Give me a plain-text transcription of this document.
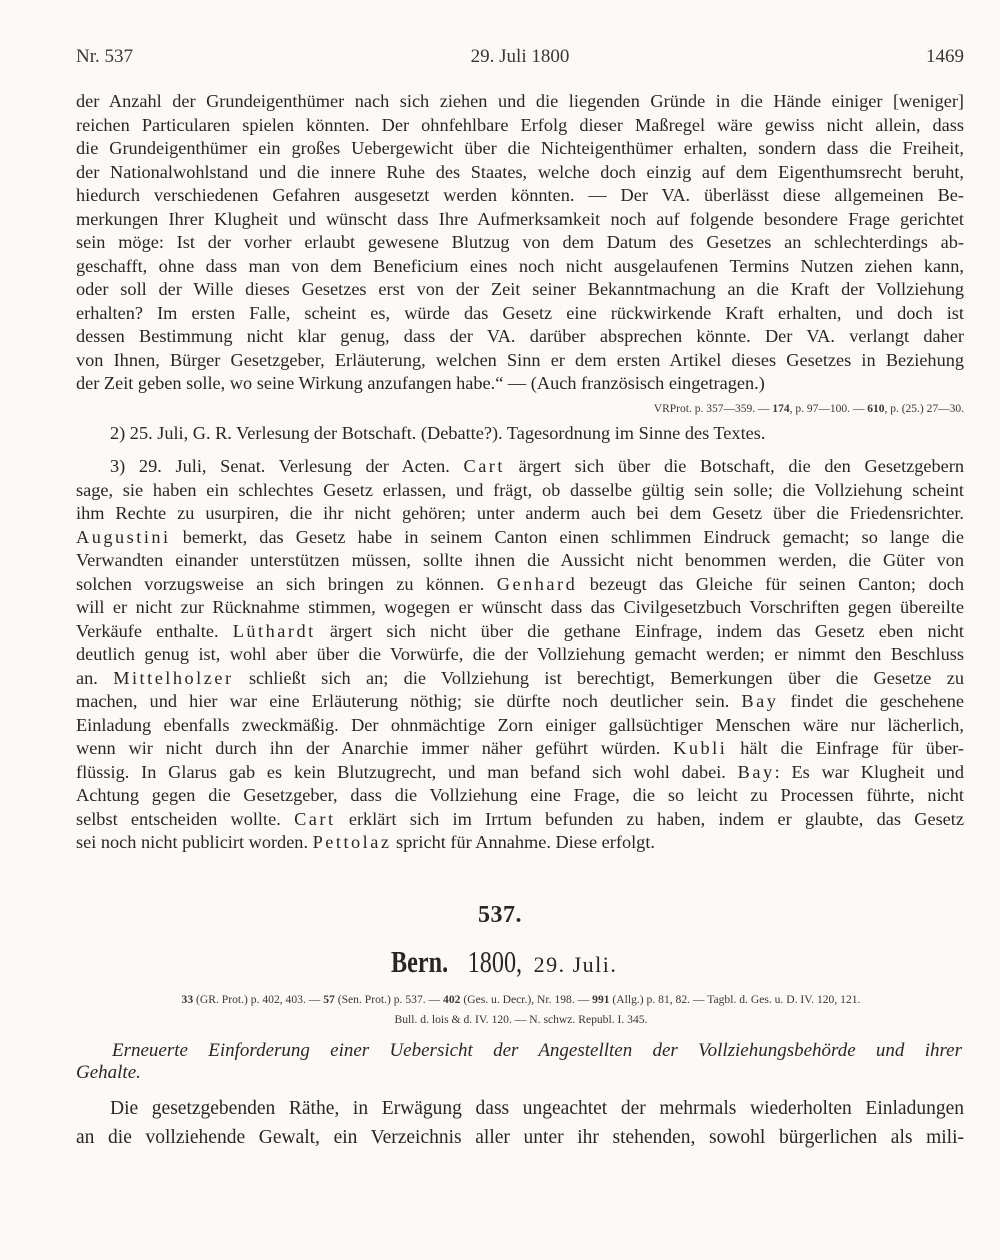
Nr. 537	29. Juli 1800	1469
der Anzahl der Grundeigenthümer nach sich ziehen und die liegenden Gründe in die Hände einiger [weniger]
reichen Particularen spielen könnten. Der ohnfehlbare Erfolg dieser Maßregel wäre gewiss nicht allein, dass
die Grundeigenthümer ein großes Uebergewicht über die Nichteigenthümer erhalten, sondern dass die Freiheit,
der Nationalwohlstand und die innere Ruhe des Staates, welche doch einzig auf dem Eigenthumsrecht beruht,
hiedurch verschiedenen Gefahren ausgesetzt werden könnten. — Der VA. überlässt diese allgemeinen Be-
merkungen Ihrer Klugheit und wünscht dass Ihre Aufmerksamkeit noch auf folgende besondere Frage gerichtet
sein möge: Ist der vorher erlaubt gewesene Blutzug von dem Datum des Gesetzes an schlechterdings ab-
geschafft, ohne dass man von dem Beneficium eines noch nicht ausgelaufenen Termins Nutzen ziehen kann,
oder soll der Wille dieses Gesetzes erst von der Zeit seiner Bekanntmachung an die Kraft der Vollziehung
erhalten? Im ersten Falle, scheint es, würde das Gesetz eine rückwirkende Kraft erhalten, und doch ist
dessen Bestimmung nicht klar genug, dass der VA. darüber absprechen könnte. Der VA. verlangt daher
von Ihnen, Bürger Gesetzgeber, Erläuterung, welchen Sinn er dem ersten Artikel dieses Gesetzes in Beziehung
der Zeit geben solle, wo seine Wirkung anzufangen habe.“ — (Auch französisch eingetragen.)
VRProt. p. 357—359. — 174, p. 97—100. — 610, p. (25.) 27—30.
2) 25. Juli, G. R. Verlesung der Botschaft. (Debatte?). Tagesordnung im Sinne des Textes.
3) 29. Juli, Senat. Verlesung der Acten. Cart ärgert sich über die Botschaft, die den Gesetzgebern
sage, sie haben ein schlechtes Gesetz erlassen, und frägt, ob dasselbe gültig sein solle; die Vollziehung scheint
ihm Rechte zu usurpiren, die ihr nicht gehören; unter anderm auch bei dem Gesetz über die Friedensrichter.
Augustini bemerkt, das Gesetz habe in seinem Canton einen schlimmen Eindruck gemacht; so lange die
Verwandten einander unterstützen müssen, sollte ihnen die Aussicht nicht benommen werden, die Güter von
solchen vorzugsweise an sich bringen zu können. Genhard bezeugt das Gleiche für seinen Canton; doch
will er nicht zur Rücknahme stimmen, wogegen er wünscht dass das Civilgesetzbuch Vorschriften gegen übereilte
Verkäufe enthalte. Lüthardt ärgert sich nicht über die gethane Einfrage, indem das Gesetz eben nicht
deutlich genug ist, wohl aber über die Vorwürfe, die der Vollziehung gemacht werden; er nimmt den Beschluss
an. Mittelholzer schließt sich an; die Vollziehung ist berechtigt, Bemerkungen über die Gesetze zu
machen, und hier war eine Erläuterung nöthig; sie dürfte noch deutlicher sein. Bay findet die geschehene
Einladung ebenfalls zweckmäßig. Der ohnmächtige Zorn einiger gallsüchtiger Menschen wäre nur lächerlich,
wenn wir nicht durch ihn der Anarchie immer näher geführt würden. Kubli hält die Einfrage für über-
flüssig. In Glarus gab es kein Blutzugrecht, und man befand sich wohl dabei. Bay: Es war Klugheit und
Achtung gegen die Gesetzgeber, dass die Vollziehung eine Frage, die so leicht zu Processen führte, nicht
selbst entscheiden wollte. Cart erklärt sich im Irrtum befunden zu haben, indem er glaubte, das Gesetz
sei noch nicht publicirt worden. Pettolaz spricht für Annahme. Diese erfolgt.
537.
Bern. 1800, 29. Juli.
33 (GR. Prot.) p. 402, 403. — 57 (Sen. Prot.) p. 537. — 402 (Ges. u. Decr.), Nr. 198. — 991 (Allg.) p. 81, 82. — Tagbl. d. Ges. u. D. IV. 120, 121.
Bull. d. lois & d. IV. 120. — N. schwz. Republ. I. 345.
Erneuerte Einforderung einer Uebersicht der Angestellten der Vollziehungsbehörde und ihrer
Gehalte.
Die gesetzgebenden Räthe, in Erwägung dass ungeachtet der mehrmals wiederholten Einladungen
an die vollziehende Gewalt, ein Verzeichnis aller unter ihr stehenden, sowohl bürgerlichen als mili-
